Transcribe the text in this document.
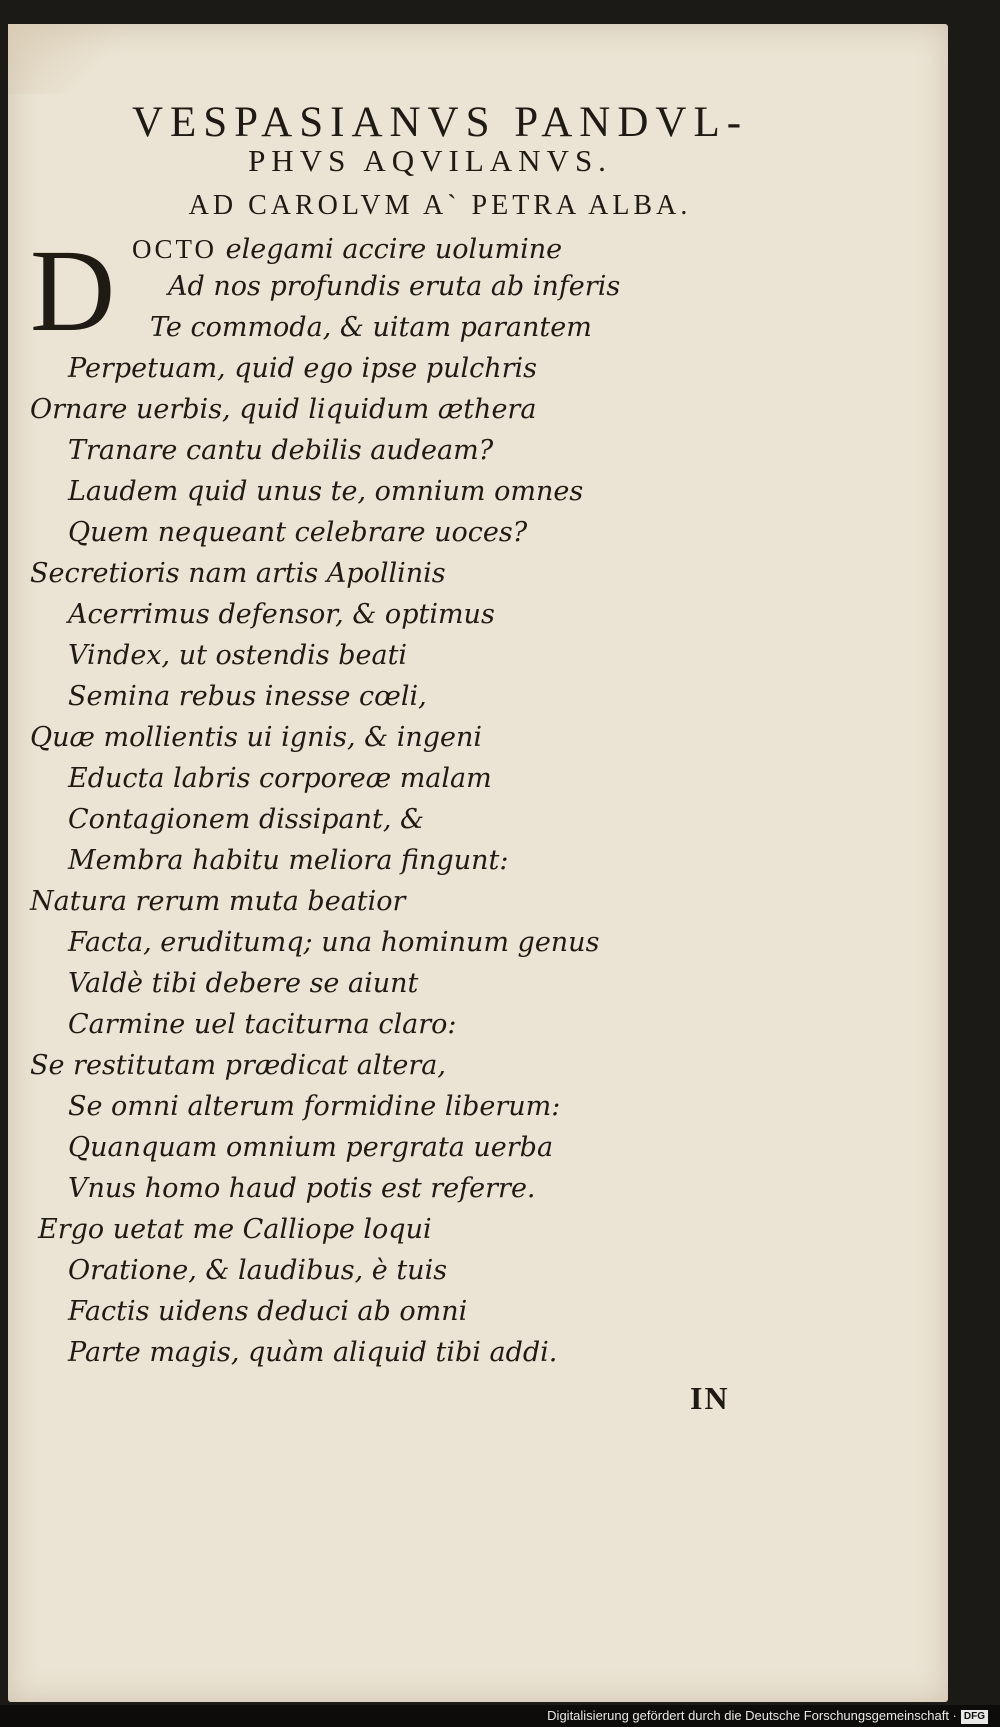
VESPASIANVS PANDVL-
PHVS AQVILANVS.
AD CAROLVM A` PETRA ALBA.
D OCTO elegami accire uolumine
Ad nos profundis eruta ab inferis
Te commoda, & uitam parantem
Perpetuam, quid ego ipse pulchris
Ornare uerbis, quid liquidum æthera
Tranare cantu debilis audeam?
Laudem quid unus te, omnium omnes
Quem nequeant celebrare uoces?
Secretioris nam artis Apollinis
Acerrimus defensor, & optimus
Vindex, ut ostendis beati
Semina rebus inesse cœli,
Quæ mollientis ui ignis, & ingeni
Educta labris corporeæ malam
Contagionem dissipant, &
Membra habitu meliora fingunt:
Natura rerum muta beatior
Facta, eruditumq; una hominum genus
Valdè tibi debere se aiunt
Carmine uel taciturna claro:
Se restitutam prædicat altera,
Se omni alterum formidine liberum:
Quanquam omnium pergrata uerba
Vnus homo haud potis est referre.
Ergo uetat me Calliope loqui
Oratione, & laudibus, è tuis
Factis uidens deduci ab omni
Parte magis, quàm aliquid tibi addi.
IN
Digitalisierung gefördert durch die Deutsche Forschungsgemeinschaft · DFG
